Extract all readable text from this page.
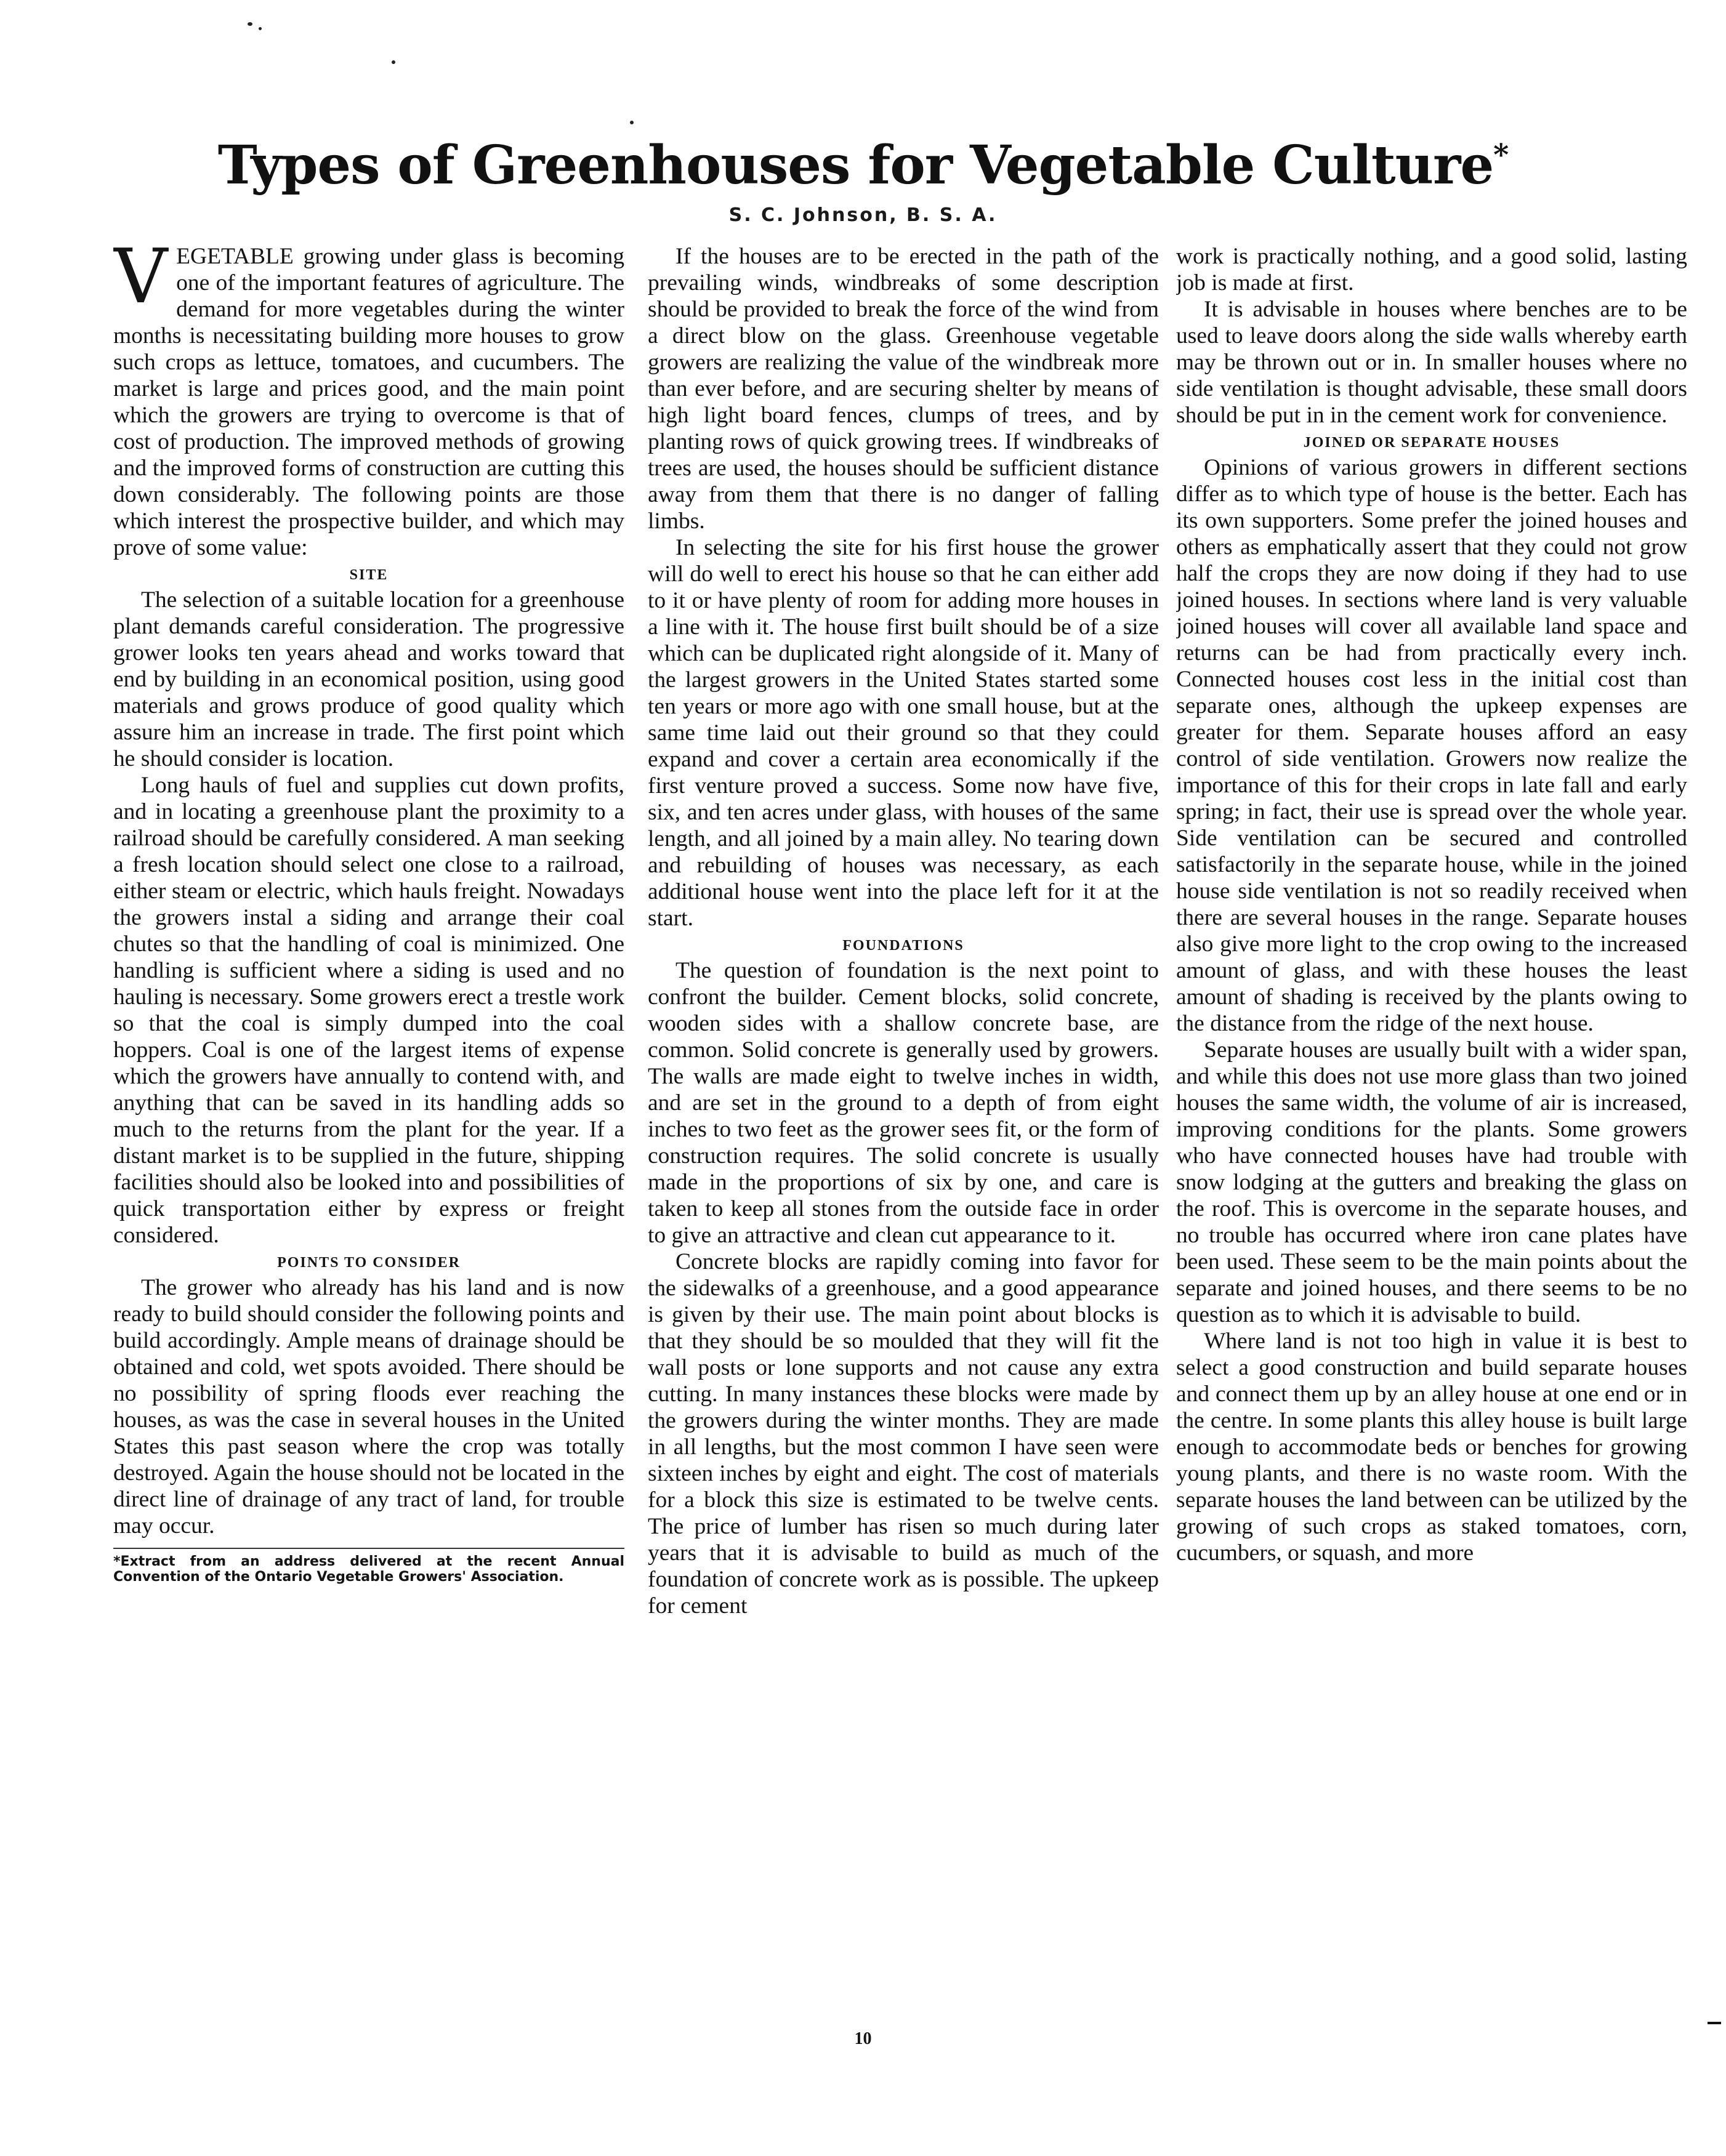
Types of Greenhouses for Vegetable Culture*
S. C. Johnson, B. S. A.

VEGETABLE growing under glass is becoming one of the important features of agriculture. The demand for more vegetables during the winter months is necessitating building more houses to grow such crops as lettuce, tomatoes, and cucumbers. The market is large and prices good, and the main point which the growers are trying to overcome is that of cost of production. The improved methods of growing and the improved forms of construction are cutting this down considerably. The following points are those which interest the prospective builder, and which may prove of some value:

SITE

The selection of a suitable location for a greenhouse plant demands careful consideration. The progressive grower looks ten years ahead and works toward that end by building in an economical position, using good materials and grows produce of good quality which assure him an increase in trade. The first point which he should consider is location.

Long hauls of fuel and supplies cut down profits, and in locating a greenhouse plant the proximity to a railroad should be carefully considered. A man seeking a fresh location should select one close to a railroad, either steam or electric, which hauls freight. Nowadays the growers instal a siding and arrange their coal chutes so that the handling of coal is minimized. One handling is sufficient where a siding is used and no hauling is necessary. Some growers erect a trestle work so that the coal is simply dumped into the coal hoppers. Coal is one of the largest items of expense which the growers have annually to contend with, and anything that can be saved in its handling adds so much to the returns from the plant for the year. If a distant market is to be supplied in the future, shipping facilities should also be looked into and possibilities of quick transportation either by express or freight considered.

POINTS TO CONSIDER

The grower who already has his land and is now ready to build should consider the following points and build accordingly. Ample means of drainage should be obtained and cold, wet spots avoided. There should be no possibility of spring floods ever reaching the houses, as was the case in several houses in the United States this past season where the crop was totally destroyed. Again the house should not be located in the direct line of drainage of any tract of land, for trouble may occur.

*Extract from an address delivered at the recent Annual Convention of the Ontario Vegetable Growers' Association.

If the houses are to be erected in the path of the prevailing winds, windbreaks of some description should be provided to break the force of the wind from a direct blow on the glass. Greenhouse vegetable growers are realizing the value of the windbreak more than ever before, and are securing shelter by means of high light board fences, clumps of trees, and by planting rows of quick growing trees. If windbreaks of trees are used, the houses should be sufficient distance away from them that there is no danger of falling limbs.

In selecting the site for his first house the grower will do well to erect his house so that he can either add to it or have plenty of room for adding more houses in a line with it. The house first built should be of a size which can be duplicated right alongside of it. Many of the largest growers in the United States started some ten years or more ago with one small house, but at the same time laid out their ground so that they could expand and cover a certain area economically if the first venture proved a success. Some now have five, six, and ten acres under glass, with houses of the same length, and all joined by a main alley. No tearing down and rebuilding of houses was necessary, as each additional house went into the place left for it at the start.

FOUNDATIONS

The question of foundation is the next point to confront the builder. Cement blocks, solid concrete, wooden sides with a shallow concrete base, are common. Solid concrete is generally used by growers. The walls are made eight to twelve inches in width, and are set in the ground to a depth of from eight inches to two feet as the grower sees fit, or the form of construction requires. The solid concrete is usually made in the proportions of six by one, and care is taken to keep all stones from the outside face in order to give an attractive and clean cut appearance to it.

Concrete blocks are rapidly coming into favor for the sidewalks of a greenhouse, and a good appearance is given by their use. The main point about blocks is that they should be so moulded that they will fit the wall posts or lone supports and not cause any extra cutting. In many instances these blocks were made by the growers during the winter months. They are made in all lengths, but the most common I have seen were sixteen inches by eight and eight. The cost of materials for a block this size is estimated to be twelve cents. The price of lumber has risen so much during later years that it is advisable to build as much of the foundation of concrete work as is possible. The upkeep for cement

work is practically nothing, and a good solid, lasting job is made at first.

It is advisable in houses where benches are to be used to leave doors along the side walls whereby earth may be thrown out or in. In smaller houses where no side ventilation is thought advisable, these small doors should be put in in the cement work for convenience.

JOINED OR SEPARATE HOUSES

Opinions of various growers in different sections differ as to which type of house is the better. Each has its own supporters. Some prefer the joined houses and others as emphatically assert that they could not grow half the crops they are now doing if they had to use joined houses. In sections where land is very valuable joined houses will cover all available land space and returns can be had from practically every inch. Connected houses cost less in the initial cost than separate ones, although the upkeep expenses are greater for them. Separate houses afford an easy control of side ventilation. Growers now realize the importance of this for their crops in late fall and early spring; in fact, their use is spread over the whole year. Side ventilation can be secured and controlled satisfactorily in the separate house, while in the joined house side ventilation is not so readily received when there are several houses in the range. Separate houses also give more light to the crop owing to the increased amount of glass, and with these houses the least amount of shading is received by the plants owing to the distance from the ridge of the next house.

Separate houses are usually built with a wider span, and while this does not use more glass than two joined houses the same width, the volume of air is increased, improving conditions for the plants. Some growers who have connected houses have had trouble with snow lodging at the gutters and breaking the glass on the roof. This is overcome in the separate houses, and no trouble has occurred where iron cane plates have been used. These seem to be the main points about the separate and joined houses, and there seems to be no question as to which it is advisable to build.

Where land is not too high in value it is best to select a good construction and build separate houses and connect them up by an alley house at one end or in the centre. In some plants this alley house is built large enough to accommodate beds or benches for growing young plants, and there is no waste room. With the separate houses the land between can be utilized by the growing of such crops as staked tomatoes, corn, cucumbers, or squash, and more

10
